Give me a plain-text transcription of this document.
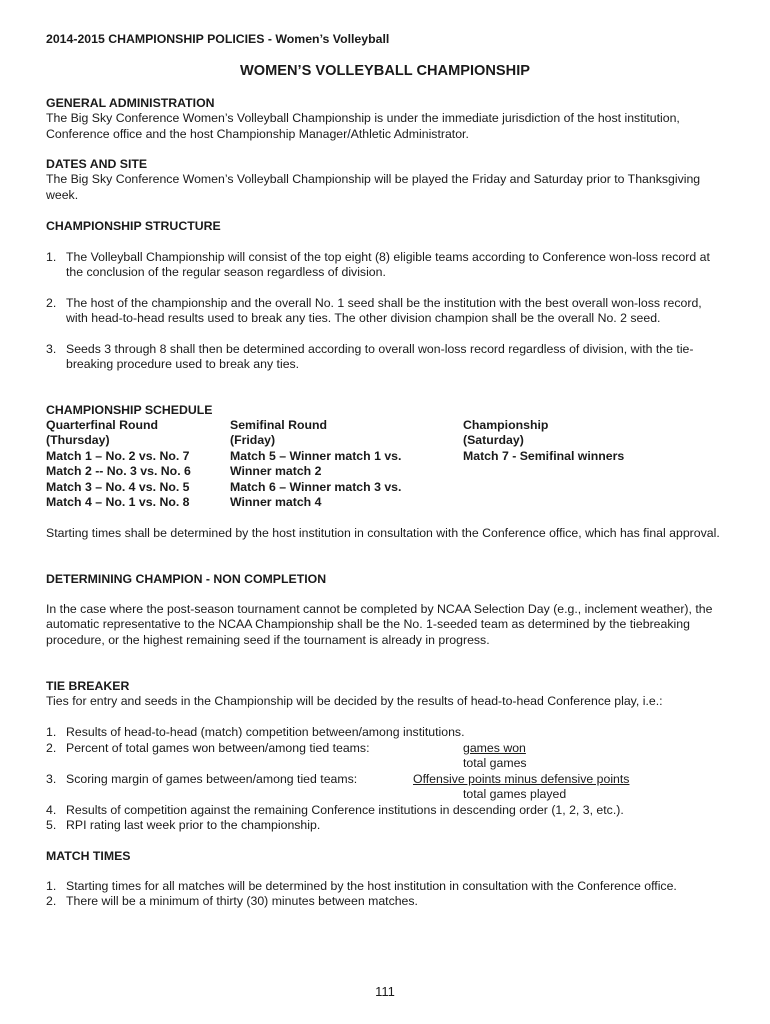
2014-2015 CHAMPIONSHIP POLICIES - Women’s Volleyball
WOMEN’S VOLLEYBALL CHAMPIONSHIP
GENERAL ADMINISTRATION

The Big Sky Conference Women’s Volleyball Championship is under the immediate jurisdiction of the host institution, Conference office and the host Championship Manager/Athletic Administrator.

DATES AND SITE

The Big Sky Conference Women’s Volleyball Championship will be played the Friday and Saturday prior to Thanksgiving week.

CHAMPIONSHIP STRUCTURE
1. The Volleyball Championship will consist of the top eight (8) eligible teams according to Conference won-loss record at the conclusion of the regular season regardless of division.
2. The host of the championship and the overall No. 1 seed shall be the institution with the best overall won-loss record, with head-to-head results used to break any ties. The other division champion shall be the overall No. 2 seed.
3. Seeds 3 through 8 shall then be determined according to overall won-loss record regardless of division, with the tie-breaking procedure used to break any ties.
CHAMPIONSHIP SCHEDULE
Quarterfinal Round
(Thursday)
Match 1 – No. 2 vs. No. 7
Match 2 -- No. 3 vs. No. 6
Match 3 – No. 4 vs. No. 5
Match 4 – No. 1 vs. No. 8
Semifinal Round
(Friday)
Match 5 – Winner match 1 vs.
Winner match 2
Match 6 – Winner match 3 vs.
Winner match 4
Championship
(Saturday)
Match 7 - Semifinal winners

Starting times shall be determined by the host institution in consultation with the Conference office, which has final approval.

DETERMINING CHAMPION - NON COMPLETION

In the case where the post-season tournament cannot be completed by NCAA Selection Day (e.g., inclement weather), the automatic representative to the NCAA Championship shall be the No. 1-seeded team as determined by the tiebreaking procedure, or the highest remaining seed if the tournament is already in progress.

TIE BREAKER

Ties for entry and seeds in the Championship will be decided by the results of head-to-head Conference play, i.e.:

1. Results of head-to-head (match) competition between/among institutions.
2. Percent of total games won between/among tied teams:	games won
total games
3. Scoring margin of games between/among tied teams:	Offensive points minus defensive points
total games played
4. Results of competition against the remaining Conference institutions in descending order (1, 2, 3, etc.).
5. RPI rating last week prior to the championship.
MATCH TIMES
1. Starting times for all matches will be determined by the host institution in consultation with the Conference office.
2. There will be a minimum of thirty (30) minutes between matches.
111
